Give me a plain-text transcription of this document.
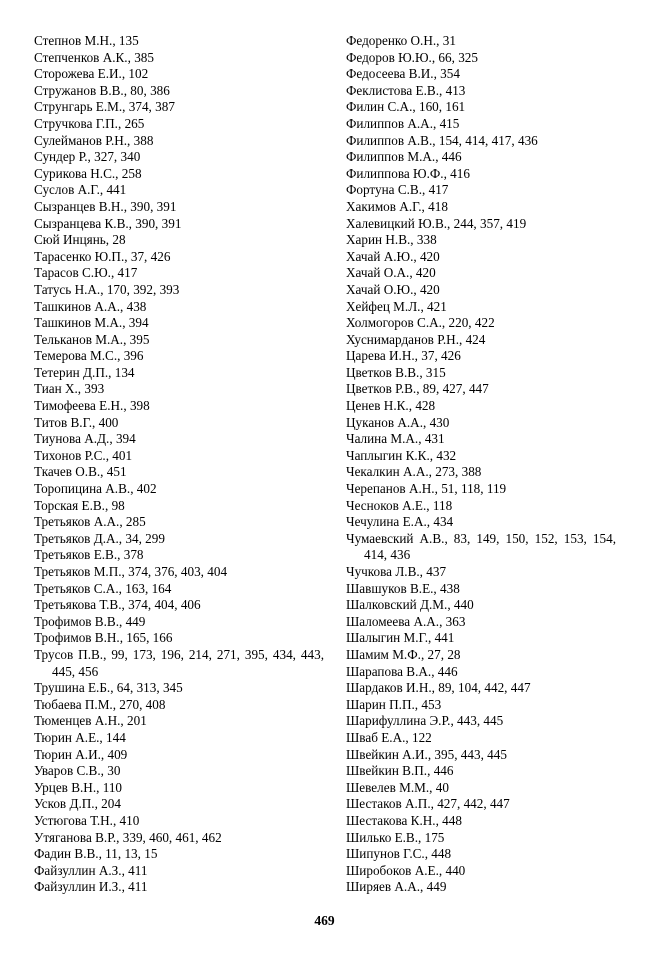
Степнов М.Н., 135

Степченков А.К., 385

Сторожева Е.И., 102

Стружанов В.В., 80, 386

Струнгарь Е.М., 374, 387

Стручкова Г.П., 265

Сулейманов Р.Н., 388

Сундер Р., 327, 340

Сурикова Н.С., 258

Суслов А.Г., 441

Сызранцев В.Н., 390, 391

Сызранцева К.В., 390, 391

Сюй Инцянь, 28

Тарасенко Ю.П., 37, 426

Тарасов С.Ю., 417

Татусь Н.А., 170, 392, 393

Ташкинов А.А., 438

Ташкинов М.А., 394

Тельканов М.А., 395

Темерова М.С., 396

Тетерин Д.П., 134

Тиан Х., 393

Тимофеева Е.Н., 398

Титов В.Г., 400

Тиунова А.Д., 394

Тихонов Р.С., 401

Ткачев О.В., 451

Торопицина А.В., 402

Торская Е.В., 98

Третьяков А.А., 285

Третьяков Д.А., 34, 299

Третьяков Е.В., 378

Третьяков М.П., 374, 376, 403, 404

Третьяков С.А., 163, 164

Третьякова Т.В., 374, 404, 406

Трофимов В.В., 449

Трофимов В.Н., 165, 166

Трусов П.В., 99, 173, 196, 214, 271, 395, 434, 443, 445, 456

Трушина Е.Б., 64, 313, 345

Тюбаева П.М., 270, 408

Тюменцев А.Н., 201

Тюрин А.Е., 144

Тюрин А.И., 409

Уваров С.В., 30

Урцев В.Н., 110

Усков Д.П., 204

Устюгова Т.Н., 410

Утяганова В.Р., 339, 460, 461, 462

Фадин В.В., 11, 13, 15

Файзуллин А.З., 411

Файзуллин И.З., 411

Федоренко О.Н., 31

Федоров Ю.Ю., 66, 325

Федосеева В.И., 354

Феклистова Е.В., 413

Филин С.А., 160, 161

Филиппов А.А., 415

Филиппов А.В., 154, 414, 417, 436

Филиппов М.А., 446

Филиппова Ю.Ф., 416

Фортуна С.В., 417

Хакимов А.Г., 418

Халевицкий Ю.В., 244, 357, 419

Харин Н.В., 338

Хачай А.Ю., 420

Хачай О.А., 420

Хачай О.Ю., 420

Хейфец М.Л., 421

Холмогоров С.А., 220, 422

Хуснимарданов Р.Н., 424

Царева И.Н., 37, 426

Цветков В.В., 315

Цветков Р.В., 89, 427, 447

Ценев Н.К., 428

Цуканов А.А., 430

Чалина М.А., 431

Чаплыгин К.К., 432

Чекалкин А.А., 273, 388

Черепанов А.Н., 51, 118, 119

Чесноков А.Е., 118

Чечулина Е.А., 434

Чумаевский А.В., 83, 149, 150, 152, 153, 154, 414, 436

Чучкова Л.В., 437

Шавшуков В.Е., 438

Шалковский Д.М., 440

Шаломеева А.А., 363

Шалыгин М.Г., 441

Шамим М.Ф., 27, 28

Шарапова В.А., 446

Шардаков И.Н., 89, 104, 442, 447

Шарин П.П., 453

Шарифуллина Э.Р., 443, 445

Шваб Е.А., 122

Швейкин А.И., 395, 443, 445

Швейкин В.П., 446

Шевелев М.М., 40

Шестаков А.П., 427, 442, 447

Шестакова К.Н., 448

Шилько Е.В., 175

Шипунов Г.С., 448

Широбоков А.Е., 440

Ширяев А.А., 449

469
